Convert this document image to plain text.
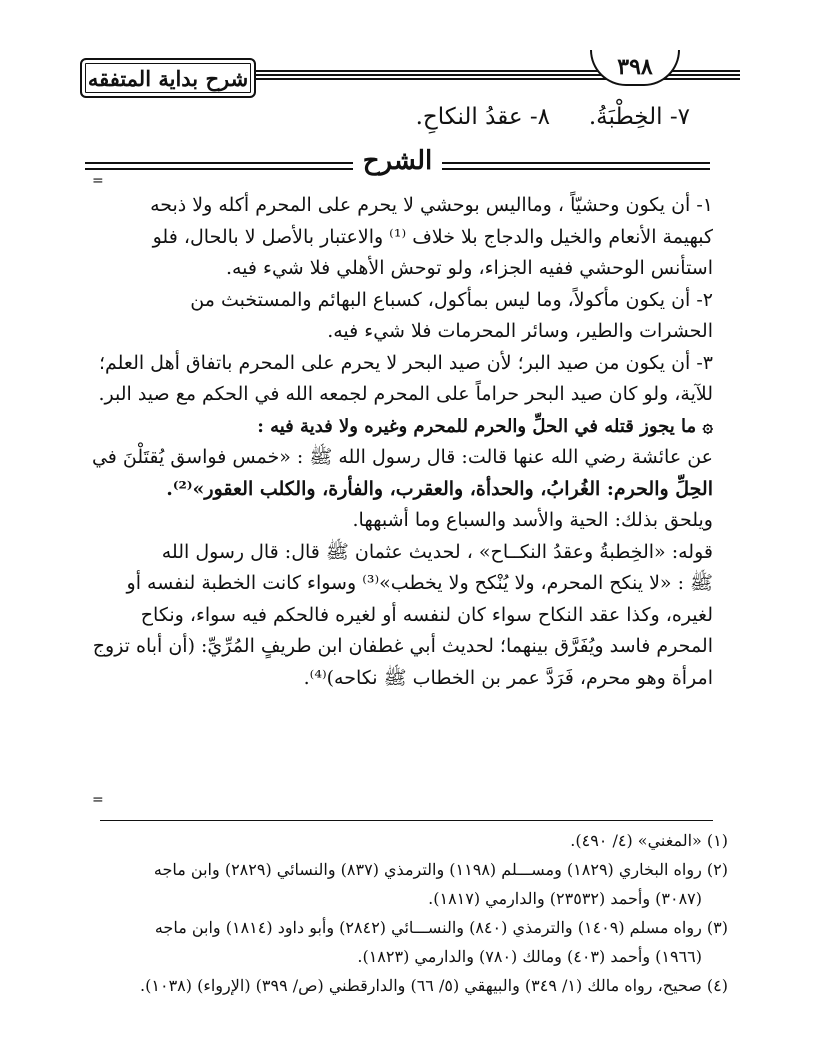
شرح بداية المتفقه	٣٩٨
٧- الخِطْبَةُ.
٨- عقدُ النكاحِ.
الشرح
=
١- أن يكون وحشيّاً ، ومااليس بوحشي لا يحرم على المحرم أكله ولا ذبحه
كبهيمة الأنعام والخيل والدجاج بلا خلاف ⁽¹⁾ والاعتبار بالأصل لا بالحال، فلو
استأنس الوحشي ففيه الجزاء، ولو توحش الأهلي فلا شيء فيه.
٢- أن يكون مأكولاً، وما ليس بمأكول، كسباع البهائم والمستخبث من
الحشرات والطير، وسائر المحرمات فلا شيء فيه.
٣- أن يكون من صيد البر؛ لأن صيد البحر لا يحرم على المحرم باتفاق أهل العلم؛
للآية، ولو كان صيد البحر حراماً على المحرم لجمعه الله في الحكم مع صيد البر.
۞ ما يجوز قتله في الحلِّ والحرم للمحرم وغيره ولا فدية فيه :
عن عائشة رضي الله عنها قالت: قال رسول الله ﷺ : «خمس فواسق يُقتَلْنَ في
الحِلِّ والحرم: الغُرابُ، والحدأة، والعقرب، والفأرة، والكلب العقور»⁽²⁾.
ويلحق بذلك: الحية والأسد والسباع وما أشبهها.
قوله: «الخِطبةُ وعقدُ النكــاح» ، لحديث عثمان ﷺ قال: قال رسول الله
ﷺ : «لا ينكح المحرم، ولا يُنْكح ولا يخطب»⁽³⁾ وسواء كانت الخطبة لنفسه أو
لغيره، وكذا عقد النكاح سواء كان لنفسه أو لغيره فالحكم فيه سواء، ونكاح
المحرم فاسد ويُفَرَّق بينهما؛ لحديث أبي غطفان ابن طريفٍ المُرِّيِّ: (أن أباه تزوج
امرأة وهو محرم، فَرَدَّ عمر بن الخطاب ﷺ نكاحه)⁽⁴⁾.
=
(١) «المغني» (٤/ ٤٩٠).
(٢) رواه البخاري (١٨٢٩) ومســـلم (١١٩٨) والترمذي (٨٣٧) والنسائي (٢٨٢٩) وابن ماجه
(٣٠٨٧) وأحمد (٢٣٥٣٢) والدارمي (١٨١٧).
(٣) رواه مسلم (١٤٠٩) والترمذي (٨٤٠) والنســـائي (٢٨٤٢) وأبو داود (١٨١٤) وابن ماجه
(١٩٦٦) وأحمد (٤٠٣) ومالك (٧٨٠) والدارمي (١٨٢٣).
(٤) صحيح، رواه مالك (١/ ٣٤٩) والبيهقي (٥/ ٦٦) والدارقطني (ص/ ٣٩٩) (الإرواء) (١٠٣٨).
